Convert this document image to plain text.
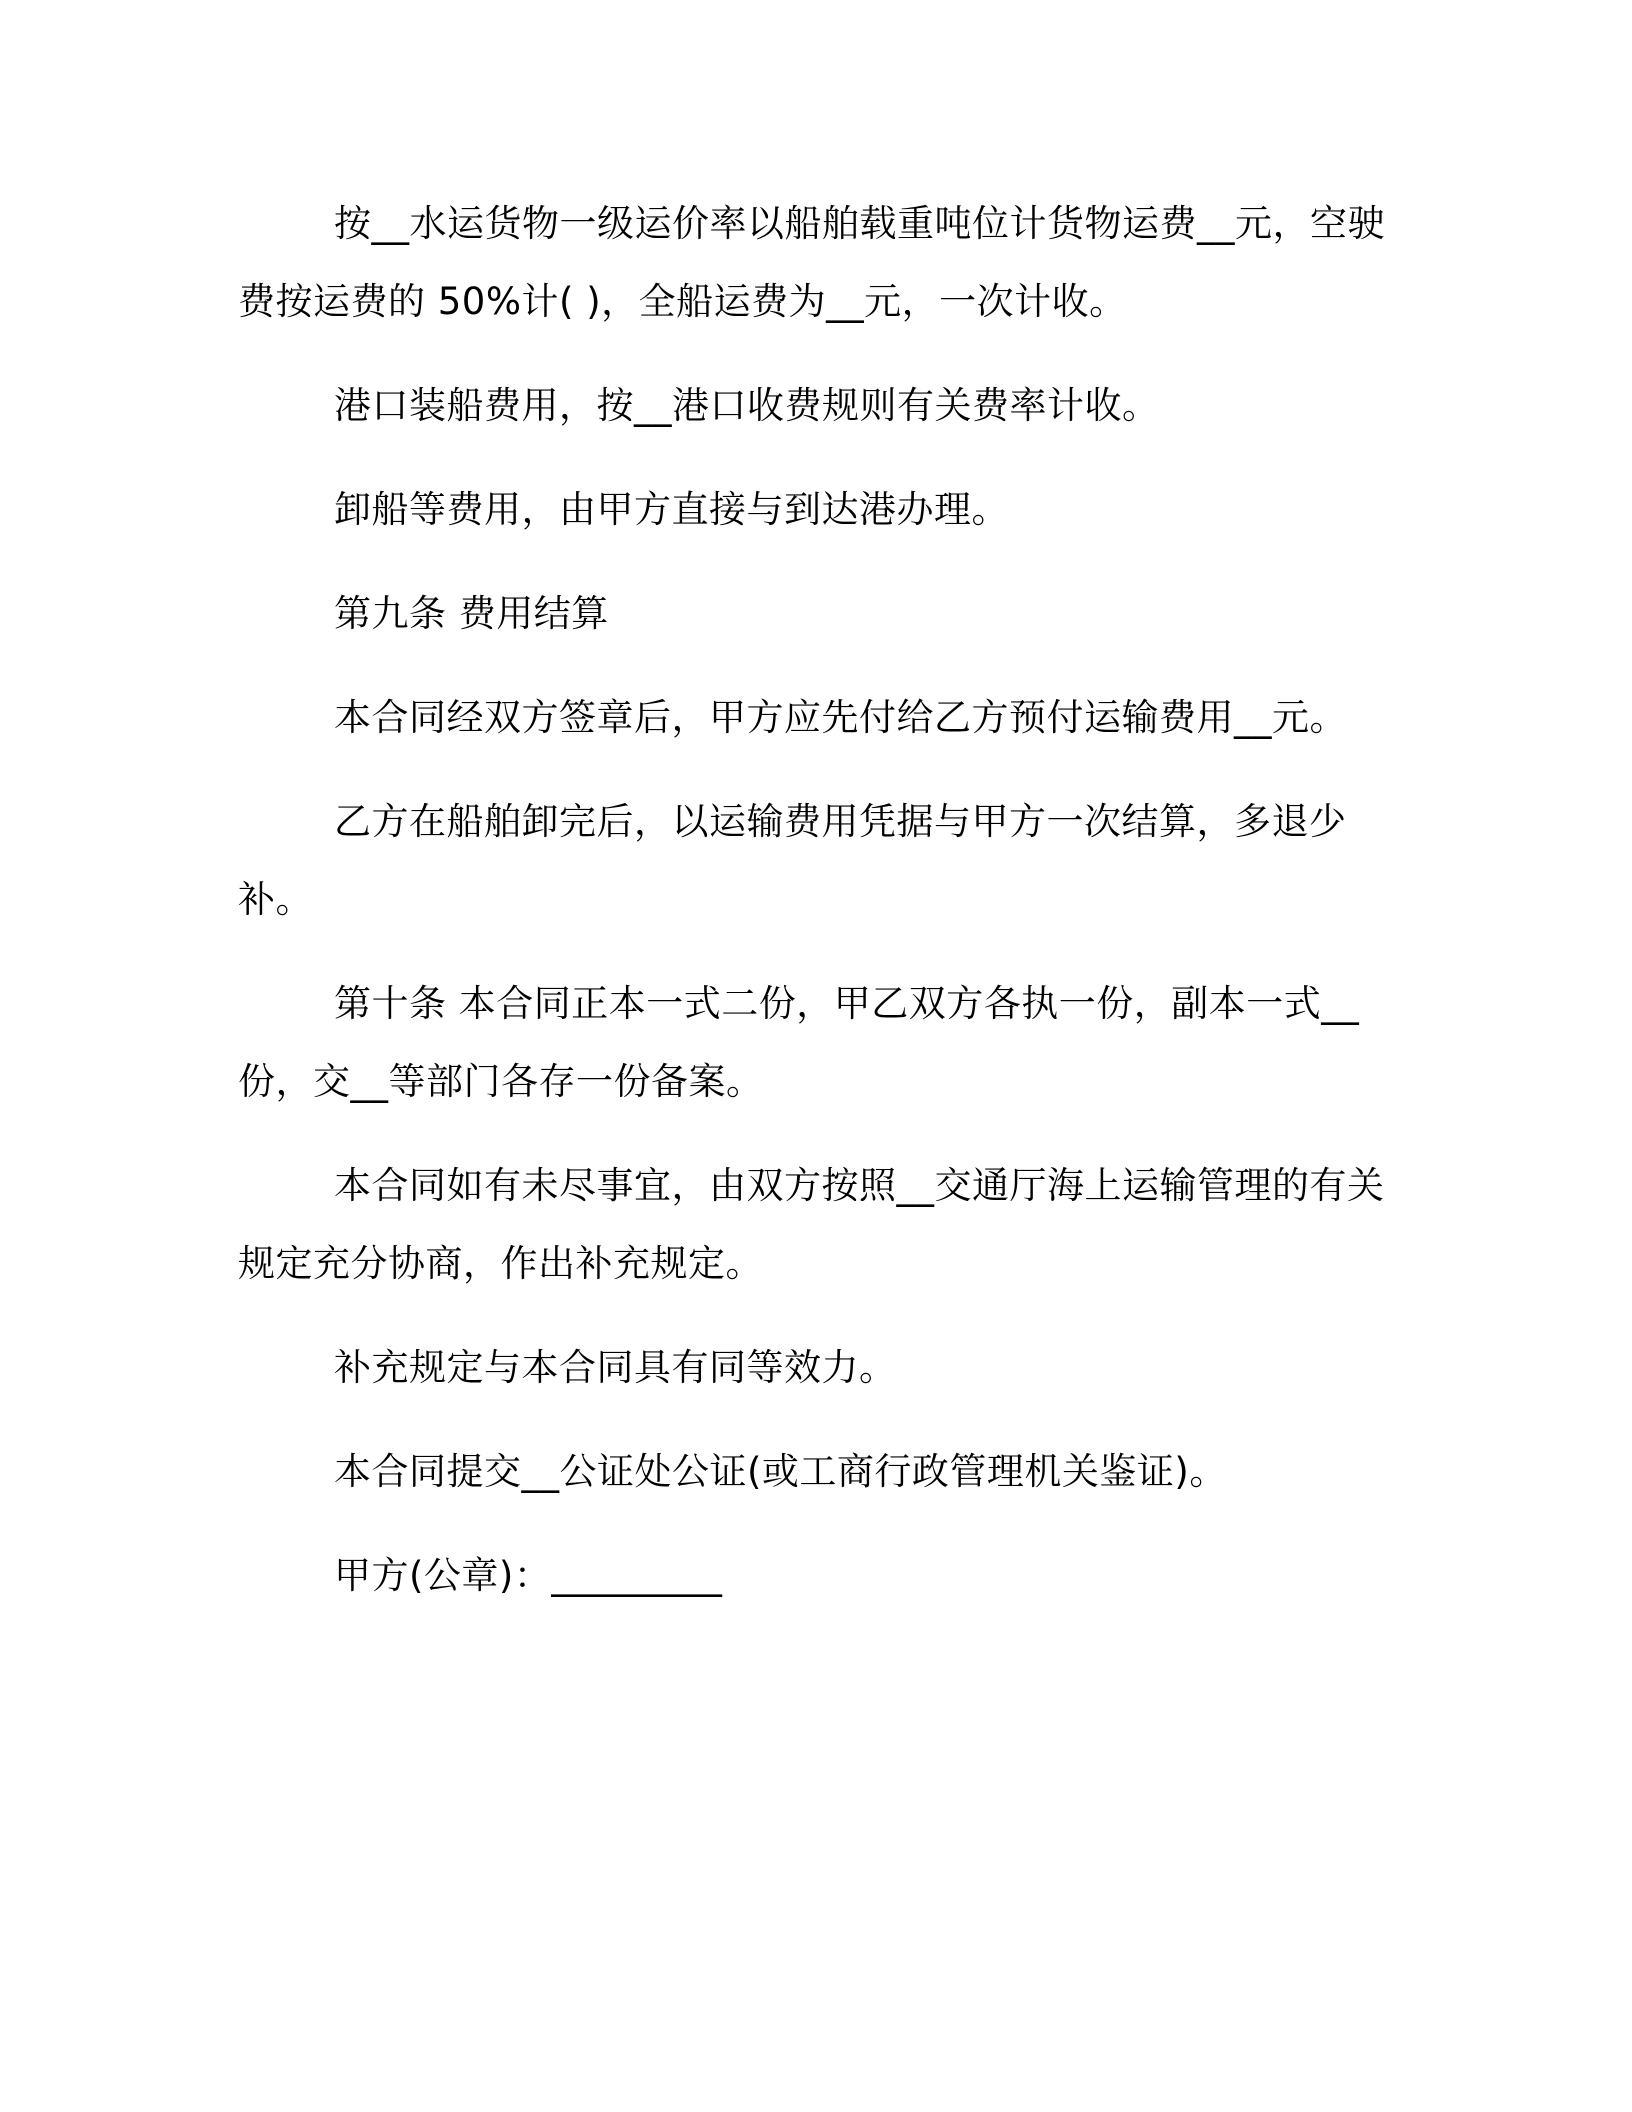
按__水运货物一级运价率以船舶载重吨位计货物运费__元，空驶费按运费的 50%计( )，全船运费为__元，一次计收。

港口装船费用，按__港口收费规则有关费率计收。

卸船等费用，由甲方直接与到达港办理。

第九条 费用结算

本合同经双方签章后，甲方应先付给乙方预付运输费用__元。

乙方在船舶卸完后，以运输费用凭据与甲方一次结算，多退少补。

第十条 本合同正本一式二份，甲乙双方各执一份，副本一式__份，交__等部门各存一份备案。

本合同如有未尽事宜，由双方按照__交通厅海上运输管理的有关规定充分协商，作出补充规定。

补充规定与本合同具有同等效力。

本合同提交__公证处公证(或工商行政管理机关鉴证)。

甲方(公章)：_________
